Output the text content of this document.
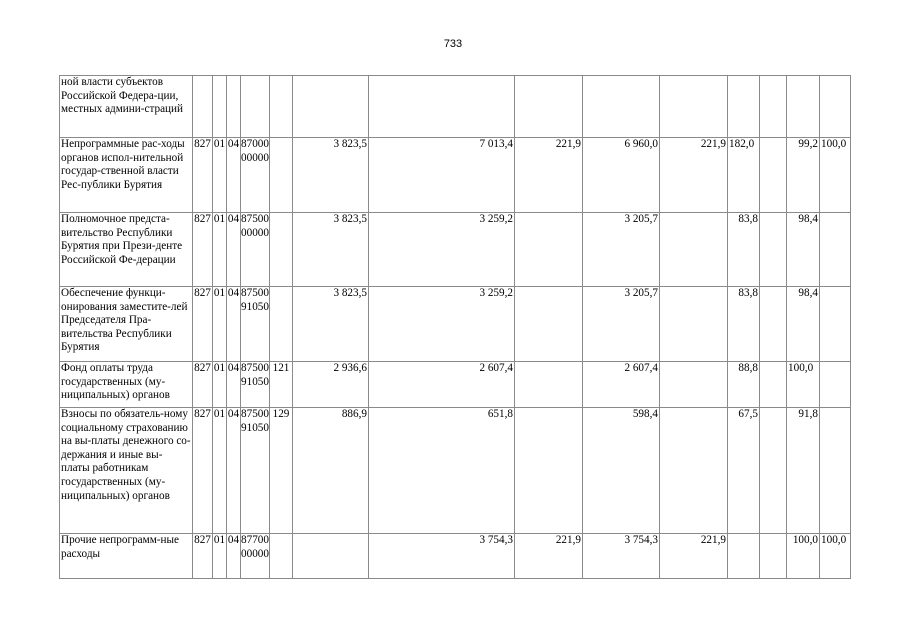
733
ной власти субъектов Российской Федера-ции, местных админи-страций														
Непрограммные рас-ходы органов испол-нительной государ-ственной власти Рес-публики Бурятия	827	01	04	8700000000		3 823,5	7 013,4	221,9	6 960,0	221,9	182,0		99,2	100,0
Полномочное предста-вительство Республики Бурятия при Прези-денте Российской Фе-дерации	827	01	04	8750000000		3 823,5	3 259,2		3 205,7		83,8		98,4	
Обеспечение функци-онирования заместите-лей Председателя Пра-вительства Республики Бурятия	827	01	04	8750091050		3 823,5	3 259,2		3 205,7		83,8		98,4	
Фонд оплаты труда государственных (му-ниципальных) органов	827	01	04	8750091050	121	2 936,6	2 607,4		2 607,4		88,8		100,0	
Взносы по обязатель-ному социальному страхованию на вы-платы денежного со-держания и иные вы-платы работникам государственных (му-ниципальных) органов	827	01	04	8750091050	129	886,9	651,8		598,4		67,5		91,8	
Прочие непрограмм-ные расходы	827	01	04	8770000000			3 754,3	221,9	3 754,3	221,9			100,0	100,0
